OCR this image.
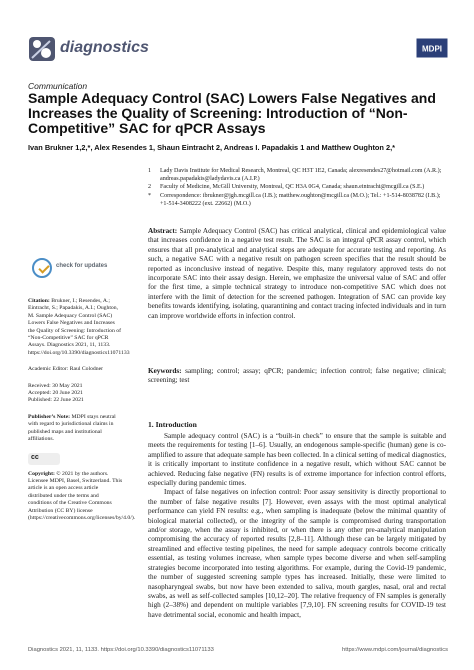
diagnostics	MDPI
Communication
Sample Adequacy Control (SAC) Lowers False Negatives and Increases the Quality of Screening: Introduction of “Non-Competitive” SAC for qPCR Assays
Ivan Brukner 1,2,*, Alex Resendes 1, Shaun Eintracht 2, Andreas I. Papadakis 1 and Matthew Oughton 2,*
1 Lady Davis Institute for Medical Research, Montreal, QC H3T 1E2, Canada; alexresendes27@hotmail.com (A.R.); andreas.papadakis@ladydavis.ca (A.I.P.)
2 Faculty of Medicine, McGill University, Montreal, QC H3A 0G4, Canada; shaun.eintracht@mcgill.ca (S.E.)
* Correspondence: ibrukner@jgh.mcgill.ca (I.B.); matthew.oughton@mcgill.ca (M.O.); Tel.: +1-514-8038782 (I.B.); +1-514-3408222 (ext. 22662) (M.O.)
Abstract: Sample Adequacy Control (SAC) has critical analytical, clinical and epidemiological value that increases confidence in a negative test result. The SAC is an integral qPCR assay control, which ensures that all pre-analytical and analytical steps are adequate for accurate testing and reporting. As such, a negative SAC with a negative result on pathogen screen specifies that the result should be reported as inconclusive instead of negative. Despite this, many regulatory approved tests do not incorporate SAC into their assay design. Herein, we emphasize the universal value of SAC and offer for the first time, a simple technical strategy to introduce non-competitive SAC which does not interfere with the limit of detection for the screened pathogen. Integration of SAC can provide key benefits towards identifying, isolating, quarantining and contact tracing infected individuals and in turn can improve worldwide efforts in infection control.
Keywords: sampling; control; assay; qPCR; pandemic; infection control; false negative; clinical; screening; test
check for updates
Citation: Brukner, I.; Resendes, A.; Eintracht, S.; Papadakis, A.I.; Oughton, M. Sample Adequacy Control (SAC) Lowers False Negatives and Increases the Quality of Screening: Introduction of “Non-Competitive” SAC for qPCR Assays. Diagnostics 2021, 11, 1133. https://doi.org/10.3390/diagnostics11071133
Academic Editor: Raul Colodner
Received: 30 May 2021
Accepted: 20 June 2021
Published: 22 June 2021
Publisher’s Note: MDPI stays neutral with regard to jurisdictional claims in published maps and institutional affiliations.
cc
Copyright: © 2021 by the authors. Licensee MDPI, Basel, Switzerland. This article is an open access article distributed under the terms and conditions of the Creative Commons Attribution (CC BY) license (https://creativecommons.org/licenses/by/4.0/).
1. Introduction

Sample adequacy control (SAC) is a “built-in check” to ensure that the sample is suitable and meets the requirements for testing [1–6]. Usually, an endogenous sample-specific (human) gene is co-amplified to assure that adequate sample has been collected. In a clinical setting of medical diagnostics, it is critically important to institute confidence in a negative result, which without SAC cannot be achieved. Reducing false negative (FN) results is of extreme importance for infection control efforts, especially during pandemic times.

Impact of false negatives on infection control: Poor assay sensitivity is directly proportional to the number of false negative results [7]. However, even assays with the most optimal analytical performance can yield FN results: e.g., when sampling is inadequate (below the minimal quantity of biological material collected), or the integrity of the sample is compromised during transportation and/or storage, when the assay is inhibited, or when there is any other pre-analytical manipulation compromising the accuracy of reported results [2,8–11]. Although these can be largely mitigated by streamlined and effective testing pipelines, the need for sample adequacy controls become critically essential, as testing volumes increase, when sample types become diverse and when self-sampling strategies become incorporated into testing algorithms. For example, during the Covid-19 pandemic, the number of suggested screening sample types has increased. Initially, these were limited to nasopharyngeal swabs, but now have been extended to saliva, mouth gargles, nasal, oral and rectal swabs, as well as self-collected samples [10,12–20]. The relative frequency of FN samples is generally high (2–38%) and dependent on multiple variables [7,9,10]. FN screening results for COVID-19 test have detrimental social, economic and health impact,

Diagnostics 2021, 11, 1133. https://doi.org/10.3390/diagnostics11071133	https://www.mdpi.com/journal/diagnostics
